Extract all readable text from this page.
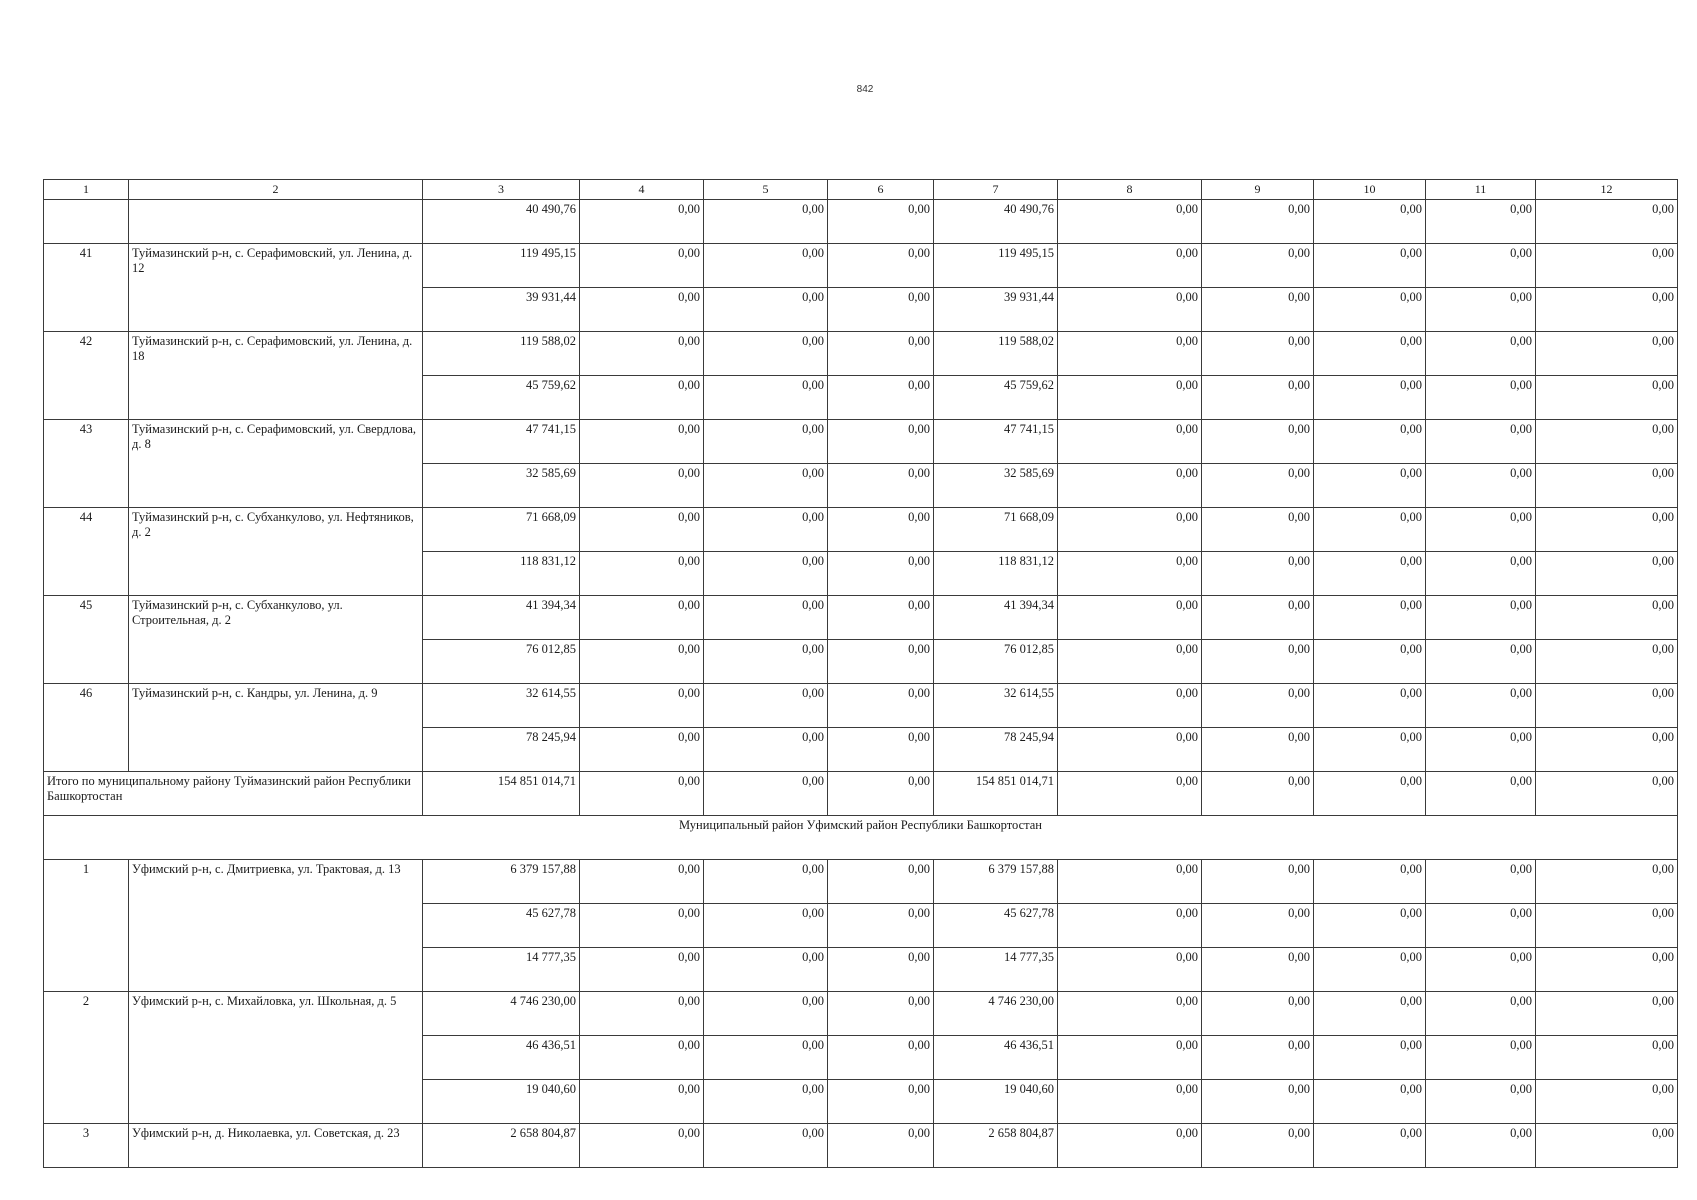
842
1	2	3	4	5	6	7	8	9	10	11	12
		40 490,76	0,00	0,00	0,00	40 490,76	0,00	0,00	0,00	0,00	0,00
41	Туймазинский р-н, с. Серафимовский, ул. Ленина, д. 12	119 495,15	0,00	0,00	0,00	119 495,15	0,00	0,00	0,00	0,00	0,00
		39 931,44	0,00	0,00	0,00	39 931,44	0,00	0,00	0,00	0,00	0,00
42	Туймазинский р-н, с. Серафимовский, ул. Ленина, д. 18	119 588,02	0,00	0,00	0,00	119 588,02	0,00	0,00	0,00	0,00	0,00
		45 759,62	0,00	0,00	0,00	45 759,62	0,00	0,00	0,00	0,00	0,00
43	Туймазинский р-н, с. Серафимовский, ул. Свердлова, д. 8	47 741,15	0,00	0,00	0,00	47 741,15	0,00	0,00	0,00	0,00	0,00
		32 585,69	0,00	0,00	0,00	32 585,69	0,00	0,00	0,00	0,00	0,00
44	Туймазинский р-н, с. Субханкулово, ул. Нефтяников, д. 2	71 668,09	0,00	0,00	0,00	71 668,09	0,00	0,00	0,00	0,00	0,00
		118 831,12	0,00	0,00	0,00	118 831,12	0,00	0,00	0,00	0,00	0,00
45	Туймазинский р-н, с. Субханкулово, ул. Строительная, д. 2	41 394,34	0,00	0,00	0,00	41 394,34	0,00	0,00	0,00	0,00	0,00
		76 012,85	0,00	0,00	0,00	76 012,85	0,00	0,00	0,00	0,00	0,00
46	Туймазинский р-н, с. Кандры, ул. Ленина, д. 9	32 614,55	0,00	0,00	0,00	32 614,55	0,00	0,00	0,00	0,00	0,00
		78 245,94	0,00	0,00	0,00	78 245,94	0,00	0,00	0,00	0,00	0,00
Итого по муниципальному району Туймазинский район Республики Башкортостан		154 851 014,71	0,00	0,00	0,00	154 851 014,71	0,00	0,00	0,00	0,00	0,00
Муниципальный район Уфимский район Республики Башкортостан											
1	Уфимский р-н, с. Дмитриевка, ул. Трактовая, д. 13	6 379 157,88	0,00	0,00	0,00	6 379 157,88	0,00	0,00	0,00	0,00	0,00
		45 627,78	0,00	0,00	0,00	45 627,78	0,00	0,00	0,00	0,00	0,00
		14 777,35	0,00	0,00	0,00	14 777,35	0,00	0,00	0,00	0,00	0,00
2	Уфимский р-н, с. Михайловка, ул. Школьная, д. 5	4 746 230,00	0,00	0,00	0,00	4 746 230,00	0,00	0,00	0,00	0,00	0,00
		46 436,51	0,00	0,00	0,00	46 436,51	0,00	0,00	0,00	0,00	0,00
		19 040,60	0,00	0,00	0,00	19 040,60	0,00	0,00	0,00	0,00	0,00
3	Уфимский р-н, д. Николаевка, ул. Советская, д. 23	2 658 804,87	0,00	0,00	0,00	2 658 804,87	0,00	0,00	0,00	0,00	0,00
